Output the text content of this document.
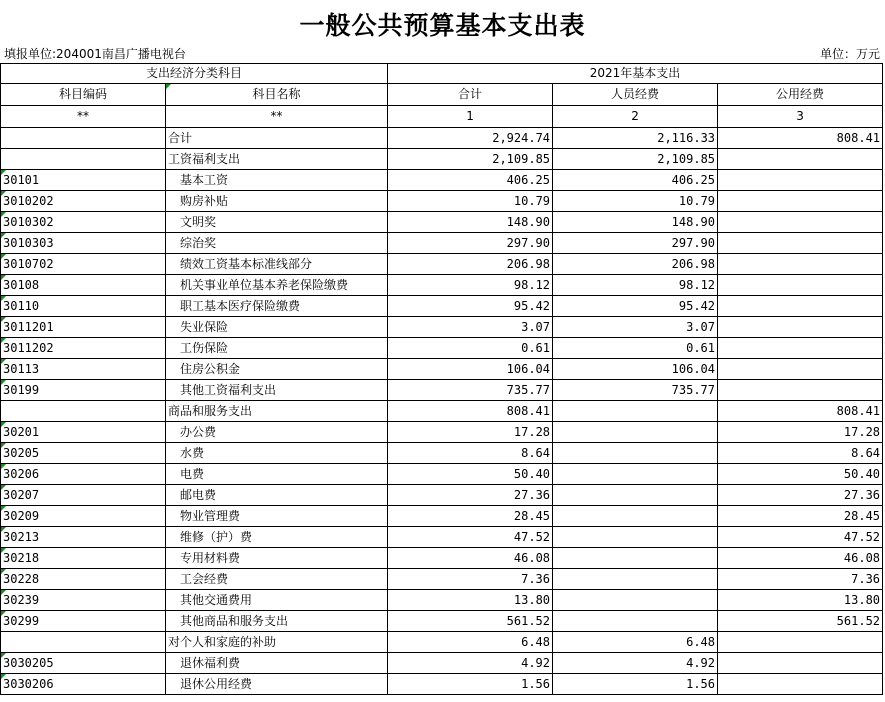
一般公共预算基本支出表
填报单位:204001南昌广播电视台	单位：万元
支出经济分类科目		2021年基本支出		
科目编码	科目名称	合计	人员经费	公用经费
**	**	1	2	3
	合计	2,924.74	2,116.33	808.41
	工资福利支出	2,109.85	2,109.85	
30101	基本工资	406.25	406.25	
3010202	购房补贴	10.79	10.79	
3010302	文明奖	148.90	148.90	
3010303	综治奖	297.90	297.90	
3010702	绩效工资基本标准线部分	206.98	206.98	
30108	机关事业单位基本养老保险缴费	98.12	98.12	
30110	职工基本医疗保险缴费	95.42	95.42	
3011201	失业保险	3.07	3.07	
3011202	工伤保险	0.61	0.61	
30113	住房公积金	106.04	106.04	
30199	其他工资福利支出	735.77	735.77	
	商品和服务支出	808.41		808.41
30201	办公费	17.28		17.28
30205	水费	8.64		8.64
30206	电费	50.40		50.40
30207	邮电费	27.36		27.36
30209	物业管理费	28.45		28.45
30213	维修（护）费	47.52		47.52
30218	专用材料费	46.08		46.08
30228	工会经费	7.36		7.36
30239	其他交通费用	13.80		13.80
30299	其他商品和服务支出	561.52		561.52
	对个人和家庭的补助	6.48	6.48	
3030205	退休福利费	4.92	4.92	
3030206	退休公用经费	1.56	1.56	
